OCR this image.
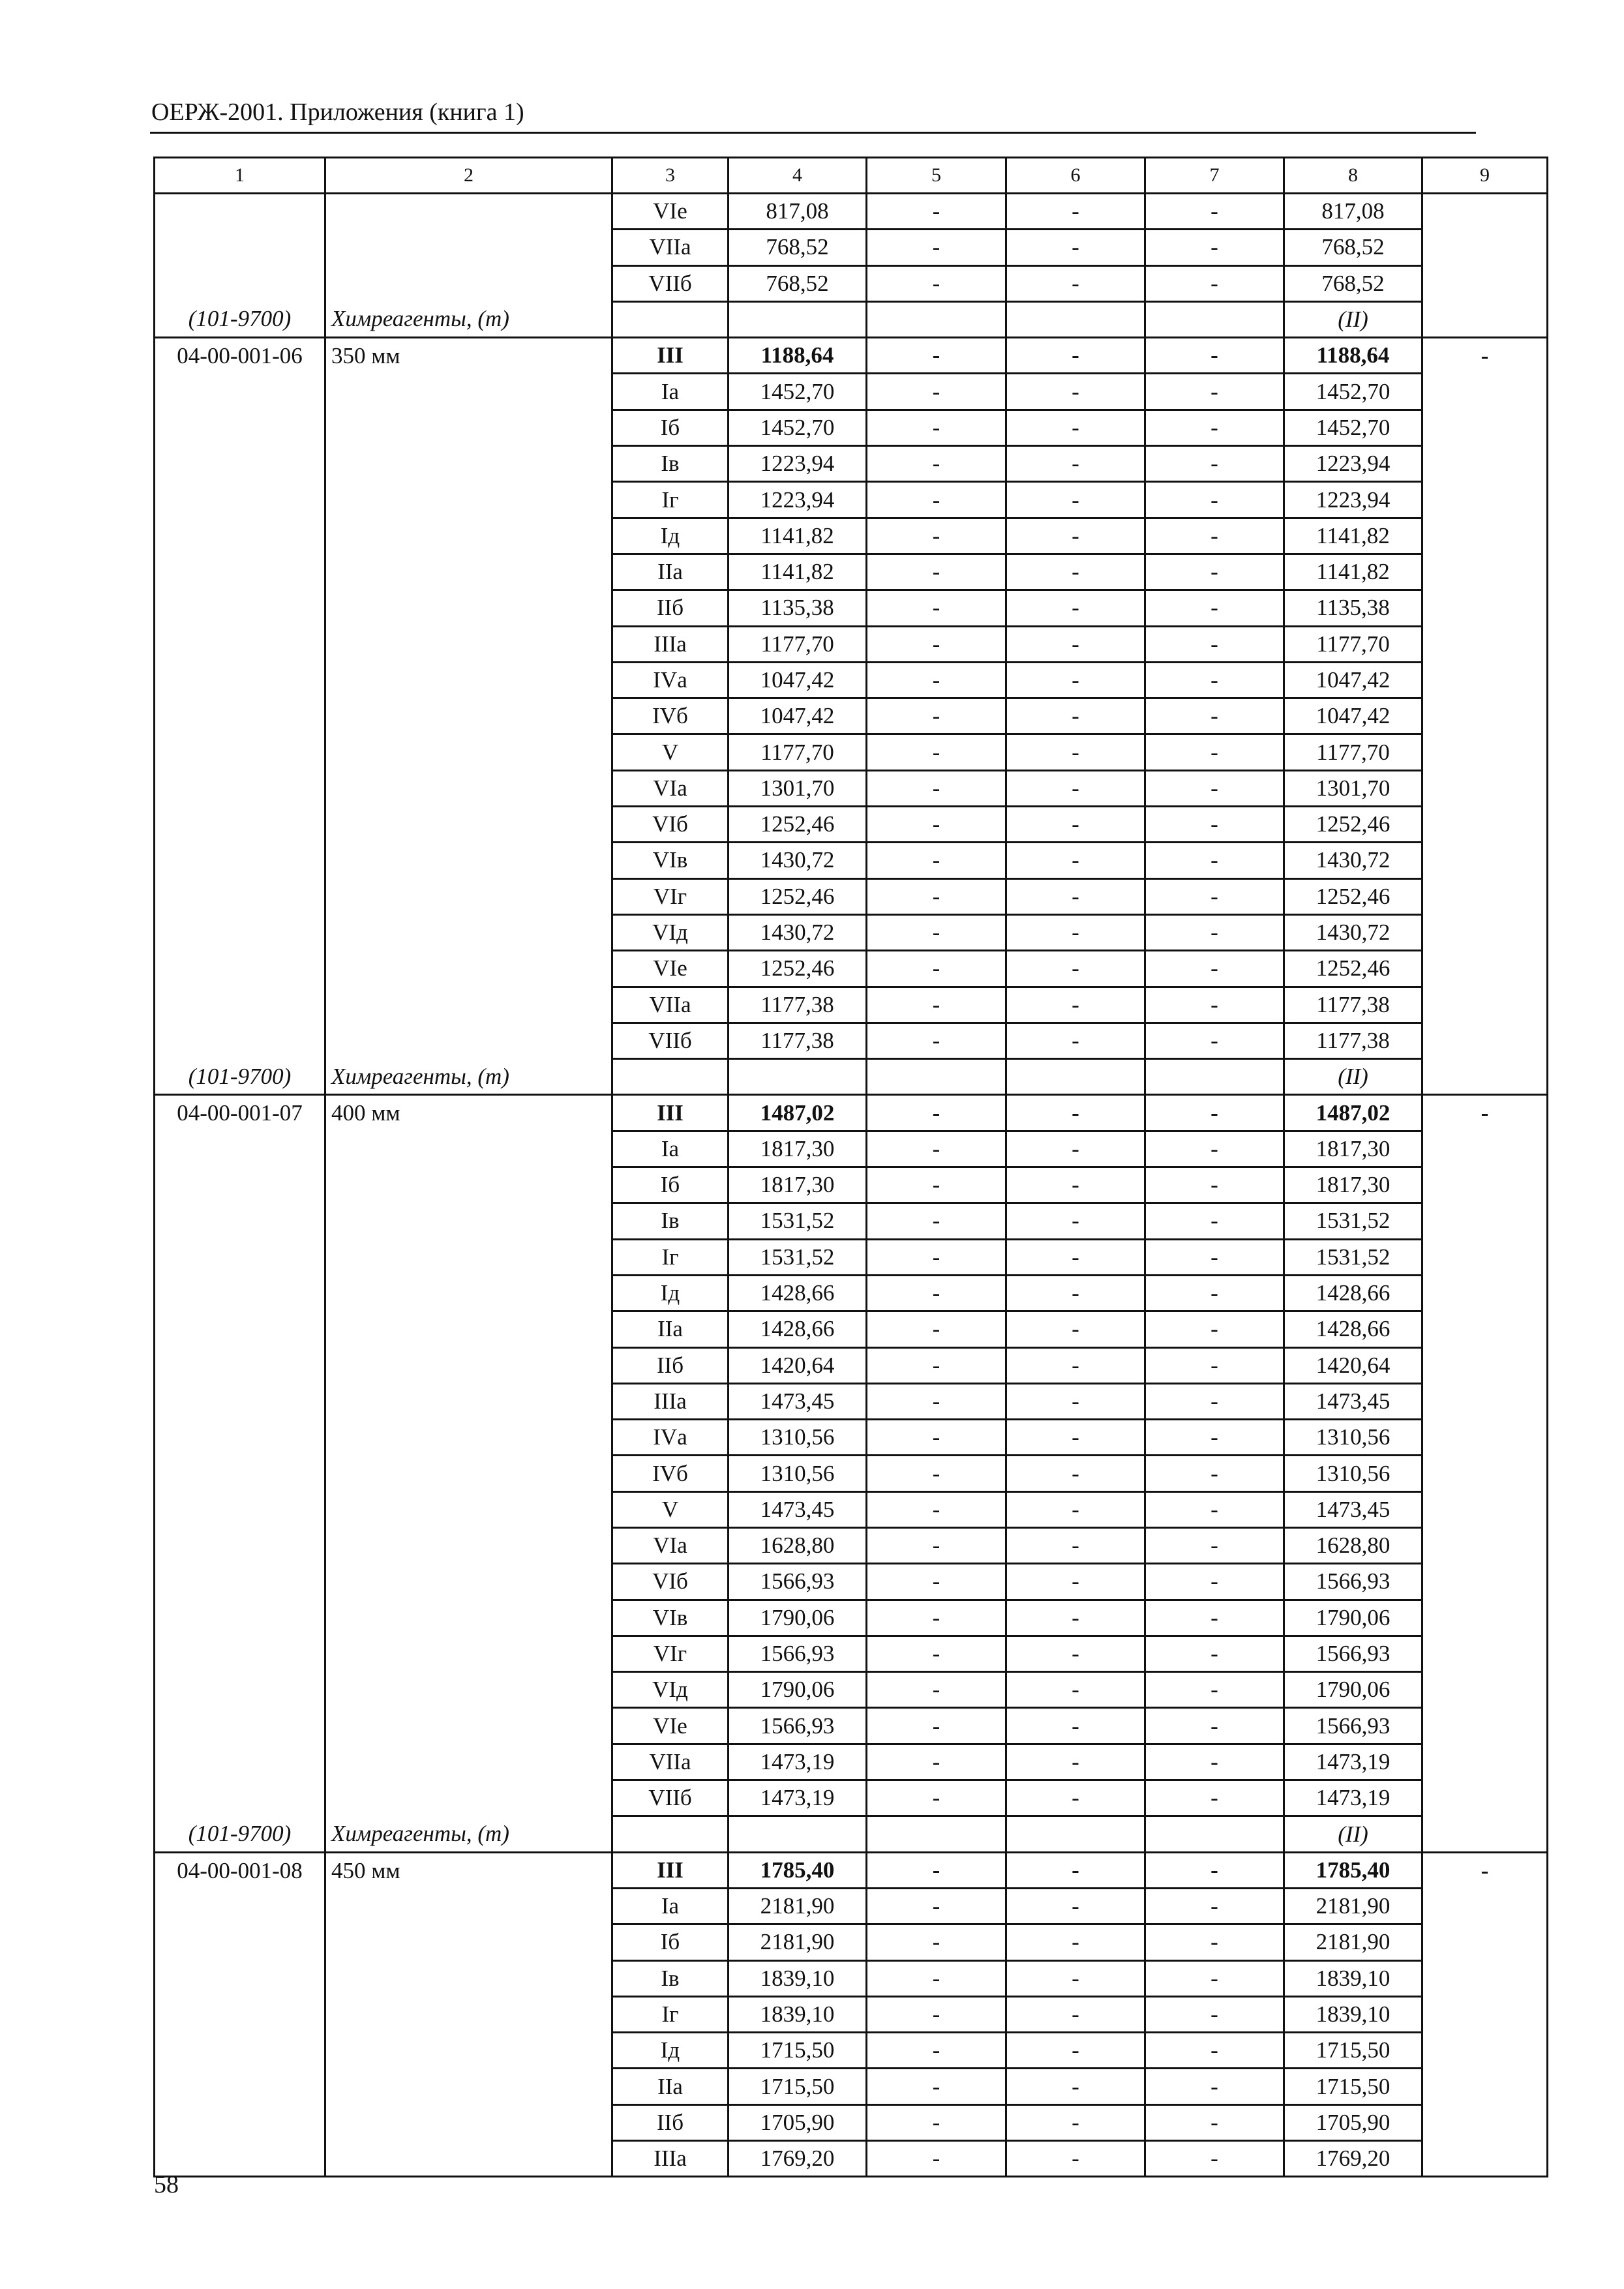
ОЕРЖ-2001. Приложения (книга 1)
1	2	3	4	5	6	7	8	9
		VIе	817,08	-	-	-	817,08	
		VIIа	768,52	-	-	-	768,52	
		VIIб	768,52	-	-	-	768,52	
(101-9700)	Химреагенты, (т)						(II)	
04-00-001-06	350 мм	III	1188,64	-	-	-	1188,64	-
		Iа	1452,70	-	-	-	1452,70	
		Iб	1452,70	-	-	-	1452,70	
		Iв	1223,94	-	-	-	1223,94	
		Iг	1223,94	-	-	-	1223,94	
		Iд	1141,82	-	-	-	1141,82	
		IIа	1141,82	-	-	-	1141,82	
		IIб	1135,38	-	-	-	1135,38	
		IIIа	1177,70	-	-	-	1177,70	
		IVа	1047,42	-	-	-	1047,42	
		IVб	1047,42	-	-	-	1047,42	
		V	1177,70	-	-	-	1177,70	
		VIа	1301,70	-	-	-	1301,70	
		VIб	1252,46	-	-	-	1252,46	
		VIв	1430,72	-	-	-	1430,72	
		VIг	1252,46	-	-	-	1252,46	
		VIд	1430,72	-	-	-	1430,72	
		VIе	1252,46	-	-	-	1252,46	
		VIIа	1177,38	-	-	-	1177,38	
		VIIб	1177,38	-	-	-	1177,38	
(101-9700)	Химреагенты, (т)						(II)	
04-00-001-07	400 мм	III	1487,02	-	-	-	1487,02	-
		Iа	1817,30	-	-	-	1817,30	
		Iб	1817,30	-	-	-	1817,30	
		Iв	1531,52	-	-	-	1531,52	
		Iг	1531,52	-	-	-	1531,52	
		Iд	1428,66	-	-	-	1428,66	
		IIа	1428,66	-	-	-	1428,66	
		IIб	1420,64	-	-	-	1420,64	
		IIIа	1473,45	-	-	-	1473,45	
		IVа	1310,56	-	-	-	1310,56	
		IVб	1310,56	-	-	-	1310,56	
		V	1473,45	-	-	-	1473,45	
		VIа	1628,80	-	-	-	1628,80	
		VIб	1566,93	-	-	-	1566,93	
		VIв	1790,06	-	-	-	1790,06	
		VIг	1566,93	-	-	-	1566,93	
		VIд	1790,06	-	-	-	1790,06	
		VIе	1566,93	-	-	-	1566,93	
		VIIа	1473,19	-	-	-	1473,19	
		VIIб	1473,19	-	-	-	1473,19	
(101-9700)	Химреагенты, (т)						(II)	
04-00-001-08	450 мм	III	1785,40	-	-	-	1785,40	-
		Iа	2181,90	-	-	-	2181,90	
		Iб	2181,90	-	-	-	2181,90	
		Iв	1839,10	-	-	-	1839,10	
		Iг	1839,10	-	-	-	1839,10	
		Iд	1715,50	-	-	-	1715,50	
		IIа	1715,50	-	-	-	1715,50	
		IIб	1705,90	-	-	-	1705,90	
		IIIа	1769,20	-	-	-	1769,20	
58
